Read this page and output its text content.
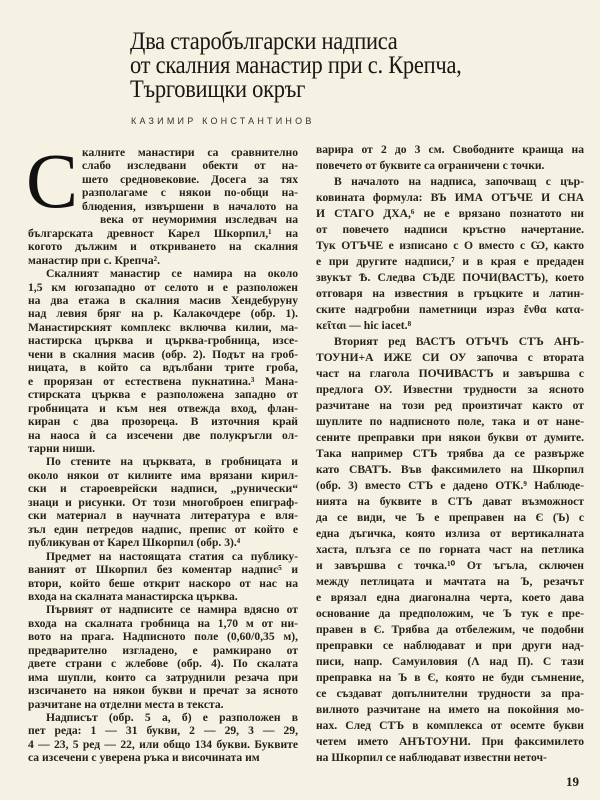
Два старобългарски надписа
от скалния манастир при с. Крепча,
Търговищки окръг
КАЗИМИР КОНСТАНТИНОВ
С калните манастири са сравнително
слабо изследвани обекти от на-
шето средновековие. Досега за тях
разполагаме с някои по-общи на-
блюдения, извършени в началото на
века от неуморимия изследвач на
българската древност Карел Шкорпил,¹ на
когото дължим и откриването на скалния
манастир при с. Крепча².
Скалният манастир се намира на около
1,5 км югозападно от селото и е разположен
на два етажа в скалния масив Хендебуруну
над левия бряг на р. Калакочдере (обр. 1).
Манастирският комплекс включва килии, ма-
настирска църква и църква-гробница, изсе-
чени в скалния масив (обр. 2). Подът на гроб-
ницата, в който са вдълбани трите гроба,
е прорязан от естествена пукнатина.³ Мана-
стирската църква е разположена западно от
гробницата и към нея отвежда вход, флан-
киран с два прозореца. В източния край
на наоса ѝ са изсечени две полукръгли ол-
тарни ниши.
По стените на църквата, в гробницата и
около някои от килиите има врязани кирил-
ски и староеврейски надписи, „рунически“
знаци и рисунки. От този многоброен епиграф-
ски материал в научната литература е вля-
зъл един петредов надпис, препис от който е
публикуван от Карел Шкорпил (обр. 3).⁴
Предмет на настоящата статия са публику-
ваният от Шкорпил без коментар надпис⁵ и
втори, който беше открит наскоро от нас на
входа на скалната манастирска църква.
Първият от надписите се намира вдясно от
входа на скалната гробница на 1,70 м от ни-
вото на прага. Надписното поле (0,60/0,35 м),
предварително изгладено, е рамкирано от
двете страни с жлебове (обр. 4). По скалата
има шупли, които са затруднили резача при
изсичането на някои букви и пречат за ясното
разчитане на отделни места в текста.
Надписът (обр. 5 а, б) е разположен в
пет реда: 1 — 31 букви, 2 — 29, 3 — 29,
4 — 23, 5 ред — 22, или общо 134 букви. Буквите
са изсечени с уверена ръка и височината им
варира от 2 до 3 см. Свободните краища на
повечето от буквите са ограничени с точки.
В началото на надписа, започващ с цър-
ковината формула: ВЪ ИМА ОТЪЧЕ И СНА
И СТАГО ДХА,⁶ не е врязано познатото ни
от повечето надписи кръстно начертание.
Тук ОТЪЧЕ е изписано с О вместо с Ѡ, както
е при другите надписи,⁷ и в края е предаден
звукът Ѣ. Следва СЪДЕ ПОЧИ(ВАСТЪ), което
отговаря на известния в гръцките и латин-
ските надгробни паметници израз ἔνθα κατα-
κεῖται — hic iacet.⁸
Вторият ред ВАСТЪ ОТЪЧЪ СТЪ АНЪ-
ТОУНИ+А ИЖЕ СИ ОУ започва с втората
част на глагола ПОЧИВАСТЪ и завършва с
предлога ОУ. Известни трудности за ясното
разчитане на този ред произтичат както от
шуплите по надписното поле, така и от нане-
сените преправки при някои букви от думите.
Така например СТЪ трябва да се развърже
като СВАТЪ. Във факсимилето на Шкорпил
(обр. 3) вместо СТЪ е дадено ОТК.⁹ Наблюде-
нията на буквите в СТЪ дават възможност
да се види, че Ъ е преправен на Є (Ъ) с
една дъгичка, която излиза от вертикалната
хаста, плъзга се по горната част на петлика
и завършва с точка.¹⁰ От ъгъла, сключен
между петлицата и мачтата на Ъ, резачът
е врязал една диагонална черта, което дава
основание да предположим, че Ъ тук е пре-
правен в Є. Трябва да отбележим, че подобни
преправки се наблюдават и при други над-
писи, напр. Самуиловия (Λ над П). С тази
преправка на Ъ в Є, която не буди съмнение,
се създават допълнителни трудности за пра-
вилното разчитане на името на покойния мо-
нах. След СТЪ в комплекса от осемте букви
четем името АНЪТОУНИ. При факсимилето
на Шкорпил се наблюдават известни неточ-
19
